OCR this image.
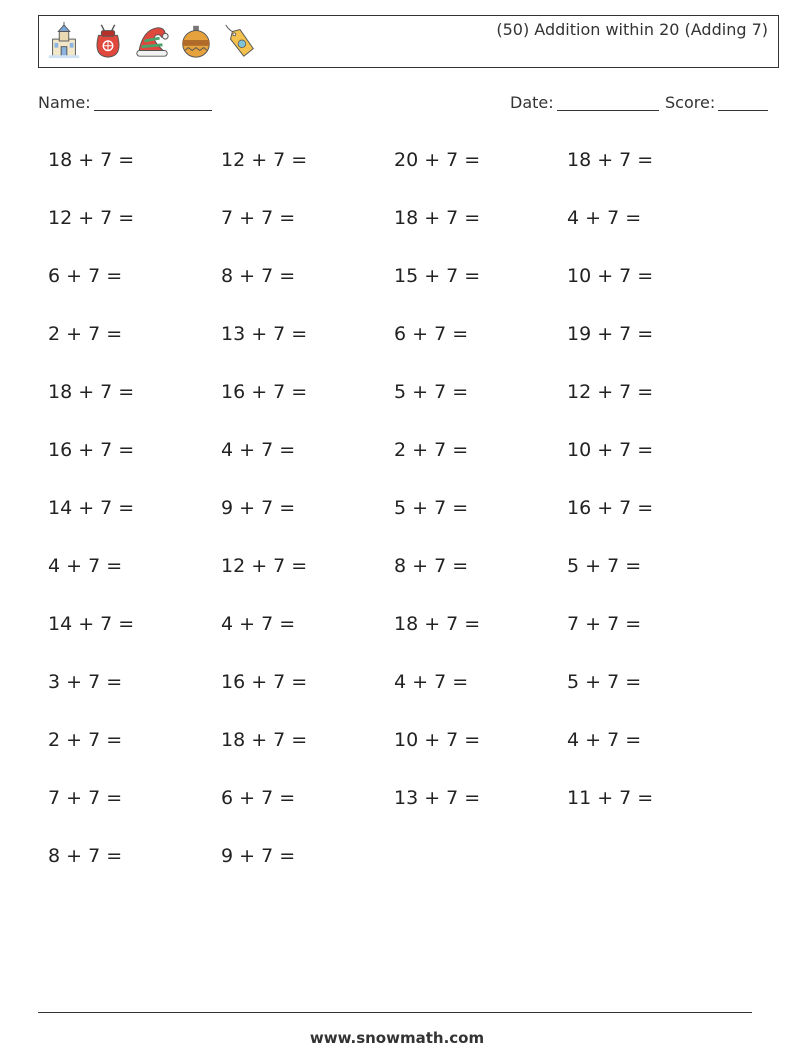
(50) Addition within 20 (Adding 7)
Name:	Date:	Score:
18 + 7 =	12 + 7 =	20 + 7 =	18 + 7 =
12 + 7 =	7 + 7 =	18 + 7 =	4 + 7 =
6 + 7 =	8 + 7 =	15 + 7 =	10 + 7 =
2 + 7 =	13 + 7 =	6 + 7 =	19 + 7 =
18 + 7 =	16 + 7 =	5 + 7 =	12 + 7 =
16 + 7 =	4 + 7 =	2 + 7 =	10 + 7 =
14 + 7 =	9 + 7 =	5 + 7 =	16 + 7 =
4 + 7 =	12 + 7 =	8 + 7 =	5 + 7 =
14 + 7 =	4 + 7 =	18 + 7 =	7 + 7 =
3 + 7 =	16 + 7 =	4 + 7 =	5 + 7 =
2 + 7 =	18 + 7 =	10 + 7 =	4 + 7 =
7 + 7 =	6 + 7 =	13 + 7 =	11 + 7 =
8 + 7 =	9 + 7 =
www.snowmath.com
